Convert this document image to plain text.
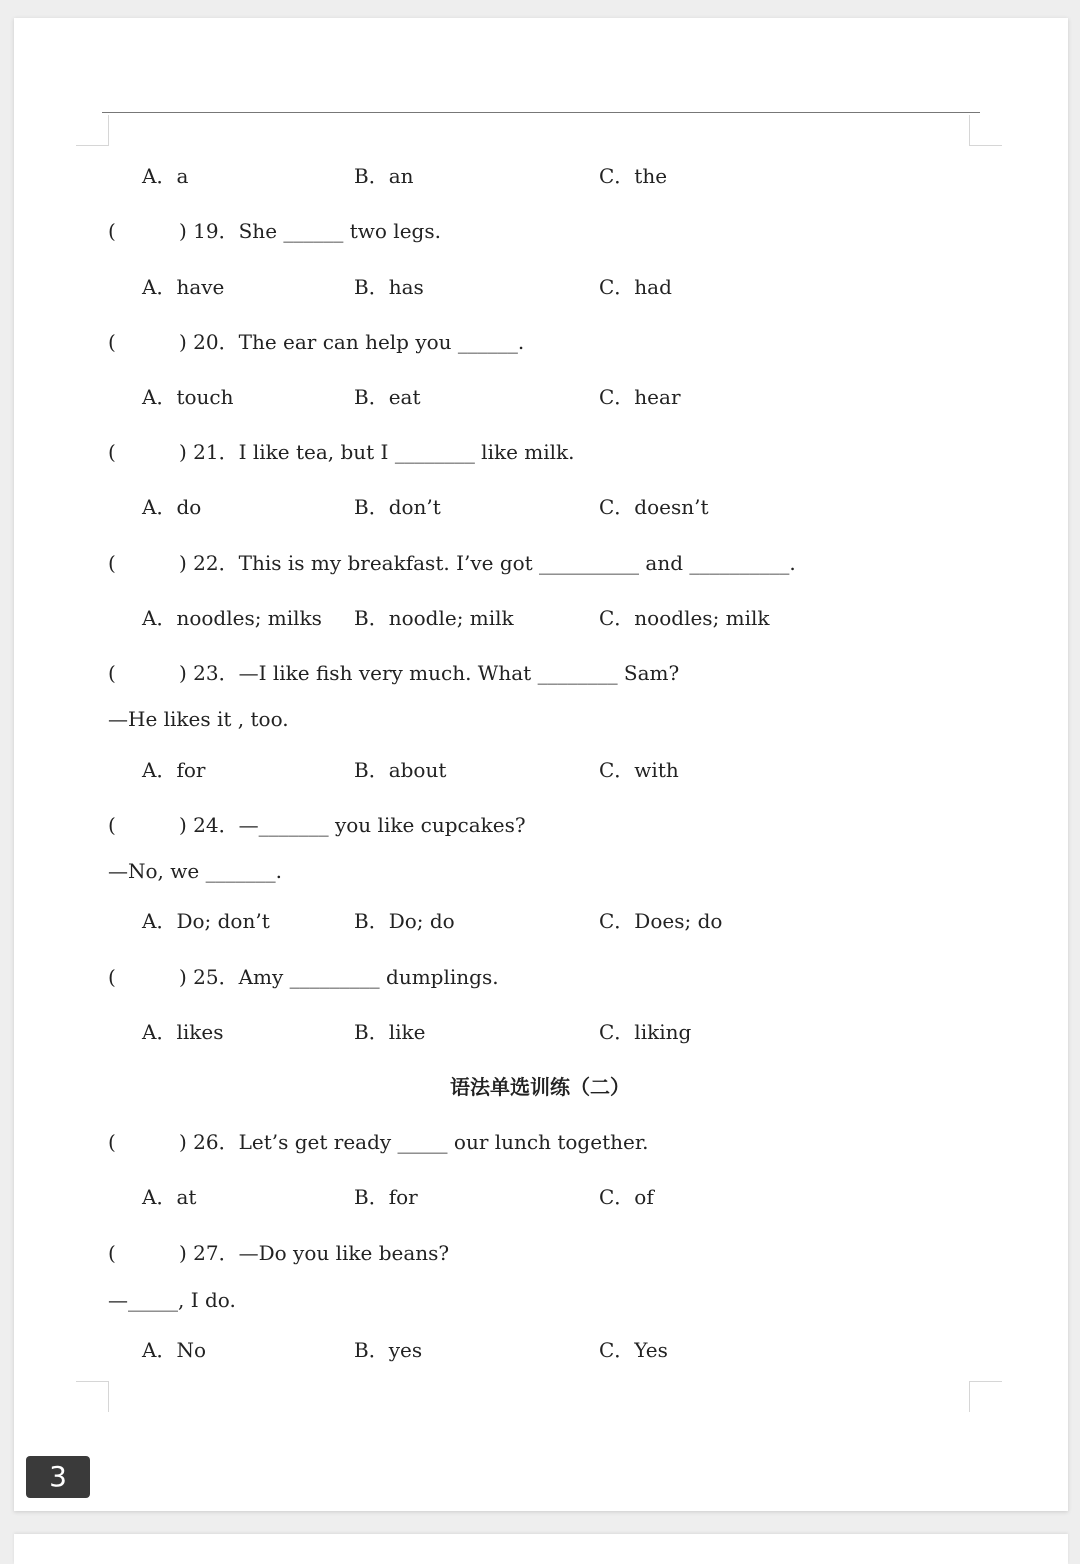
A．a	B．an	C．the
(	) 19．She ______ two legs.
A．have	B．has	C．had
(	) 20．The ear can help you ______.
A．touch	B．eat	C．hear
(	) 21．I like tea, but I ________ like milk.
A．do	B．don’t	C．doesn’t
(	) 22．This is my breakfast. I’ve got __________ and __________.
A．noodles; milks B．noodle; milk	C．noodles; milk
(	) 23．—I like fish very much. What ________ Sam?
—He likes it , too.
A．for	B．about	C．with
(	) 24．—_______ you like cupcakes?
—No, we _______.
A．Do; don’t	B．Do; do	C．Does; do
(	) 25．Amy _________ dumplings.
A．likes	B．like	C．liking
语法单选训练（二）
(	) 26．Let’s get ready _____ our lunch together.
A．at	B．for	C．of
(	) 27．—Do you like beans?
—_____, I do.
A．No	B．yes	C．Yes
3
